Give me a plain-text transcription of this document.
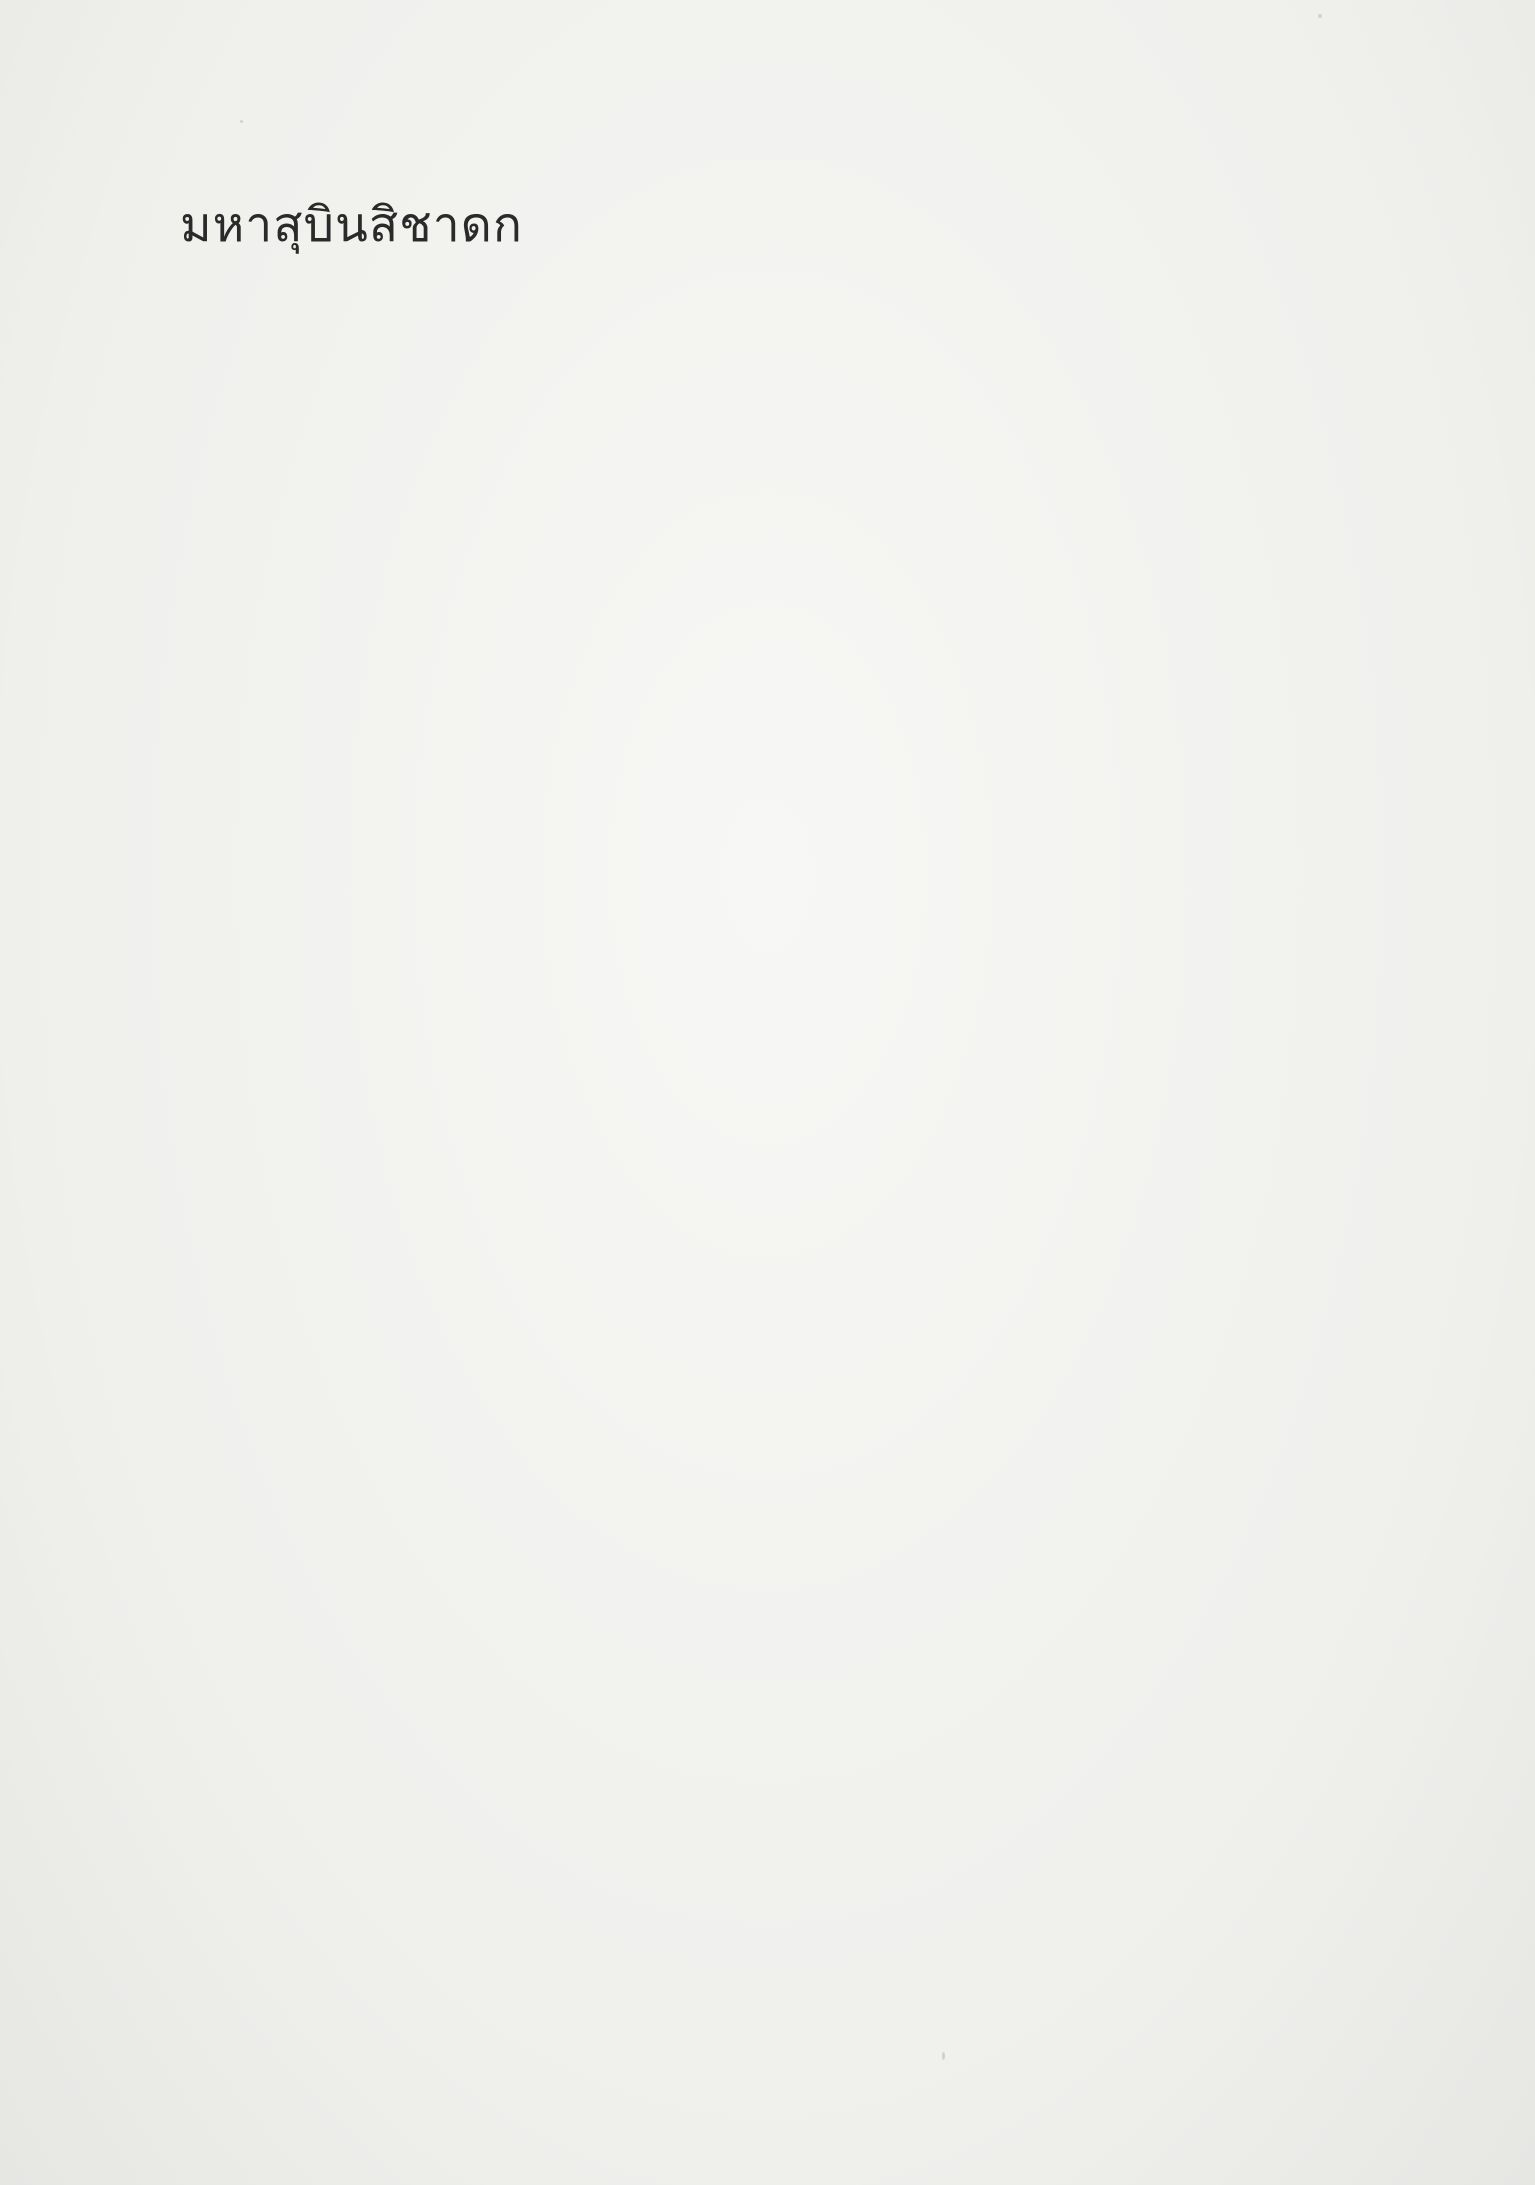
มหาสุบินสิชาดก
